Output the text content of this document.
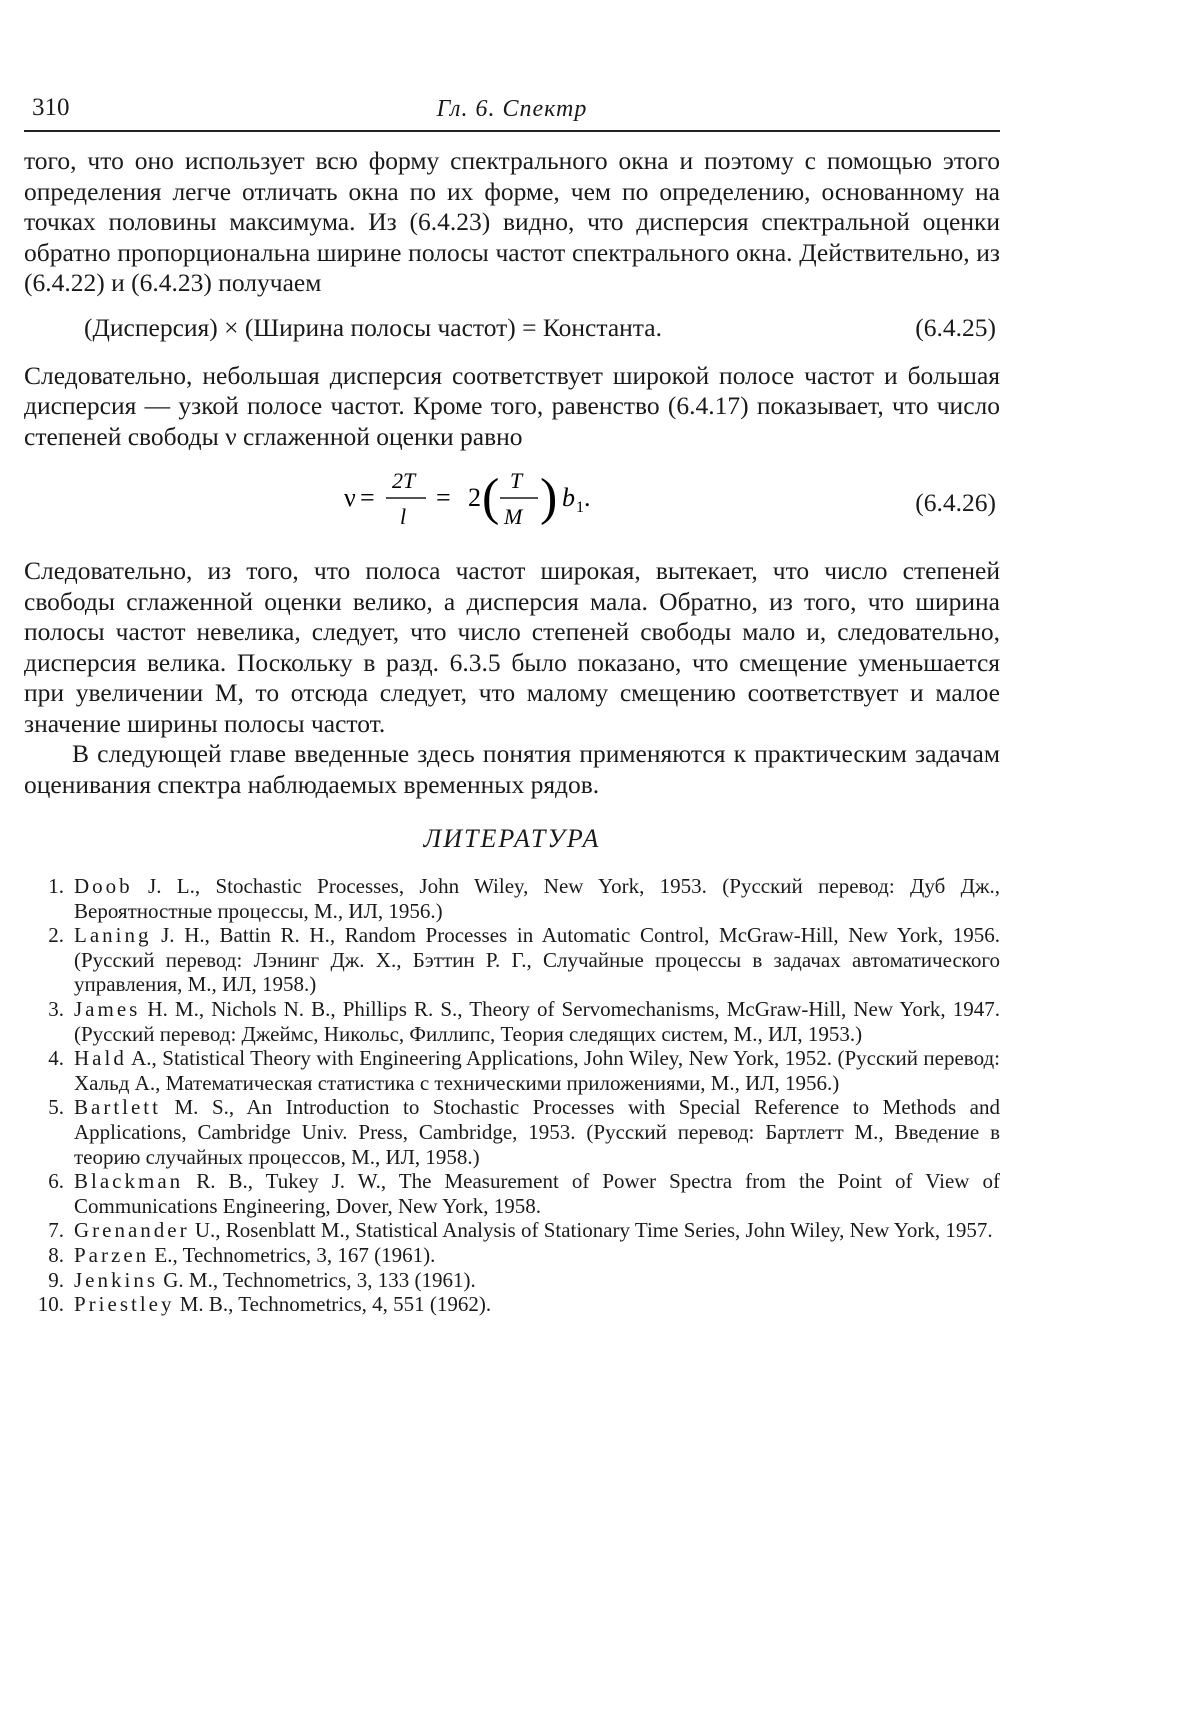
310	Гл. 6. Спектр

того, что оно использует всю форму спектрального окна и поэтому с помощью этого определения легче отличать окна по их форме, чем по определению, основанному на точках половины максимума. Из (6.4.23) видно, что дисперсия спектральной оценки обратно пропорциональна ширине полосы частот спектрального окна. Действительно, из (6.4.22) и (6.4.23) получаем

(Дисперсия) × (Ширина полосы частот) = Константа.	(6.4.25)

Следовательно, небольшая дисперсия соответствует широкой полосе частот и большая дисперсия — узкой полосе частот. Кроме того, равенство (6.4.17) показывает, что число степеней свободы ν сглаженной оценки равно

ν =
2T
l
= 2 ( T
M ) b 1 .	(6.4.26)

Следовательно, из того, что полоса частот широкая, вытекает, что число степеней свободы сглаженной оценки велико, а дисперсия мала. Обратно, из того, что ширина полосы частот невелика, следует, что число степеней свободы мало и, следовательно, дисперсия велика. Поскольку в разд. 6.3.5 было показано, что смещение уменьшается при увеличении M, то отсюда следует, что малому смещению соответствует и малое значение ширины полосы частот.

В следующей главе введенные здесь понятия применяются к практическим задачам оценивания спектра наблюдаемых временных рядов.

ЛИТЕРАТУРА
1. Doob J. L., Stochastic Processes, John Wiley, New York, 1953. (Русский перевод: Дуб Дж., Вероятностные процессы, М., ИЛ, 1956.)
2. Laning J. H., Battin R. H., Random Processes in Automatic Control, McGraw-Hill, New York, 1956. (Русский перевод: Лэнинг Дж. X., Бэттин Р. Г., Случайные процессы в задачах автоматического управления, М., ИЛ, 1958.)
3. James H. M., Nichols N. B., Phillips R. S., Theory of Servomechanisms, McGraw-Hill, New York, 1947. (Русский перевод: Джеймс, Никольс, Филлипс, Теория следящих систем, М., ИЛ, 1953.)
4. Hald A., Statistical Theory with Engineering Applications, John Wiley, New York, 1952. (Русский перевод: Хальд А., Математическая статистика с техническими приложениями, М., ИЛ, 1956.)
5. Bartlett M. S., An Introduction to Stochastic Processes with Special Reference to Methods and Applications, Cambridge Univ. Press, Cambridge, 1953. (Русский перевод: Бартлетт М., Введение в теорию случайных процессов, М., ИЛ, 1958.)
6. Blackman R. B., Tukey J. W., The Measurement of Power Spectra from the Point of View of Communications Engineering, Dover, New York, 1958.
7. Grenander U., Rosenblatt M., Statistical Analysis of Stationary Time Series, John Wiley, New York, 1957.
8. Parzen E., Technometrics, 3, 167 (1961).
9. Jenkins G. M., Technometrics, 3, 133 (1961).
10. Priestley M. B., Technometrics, 4, 551 (1962).
